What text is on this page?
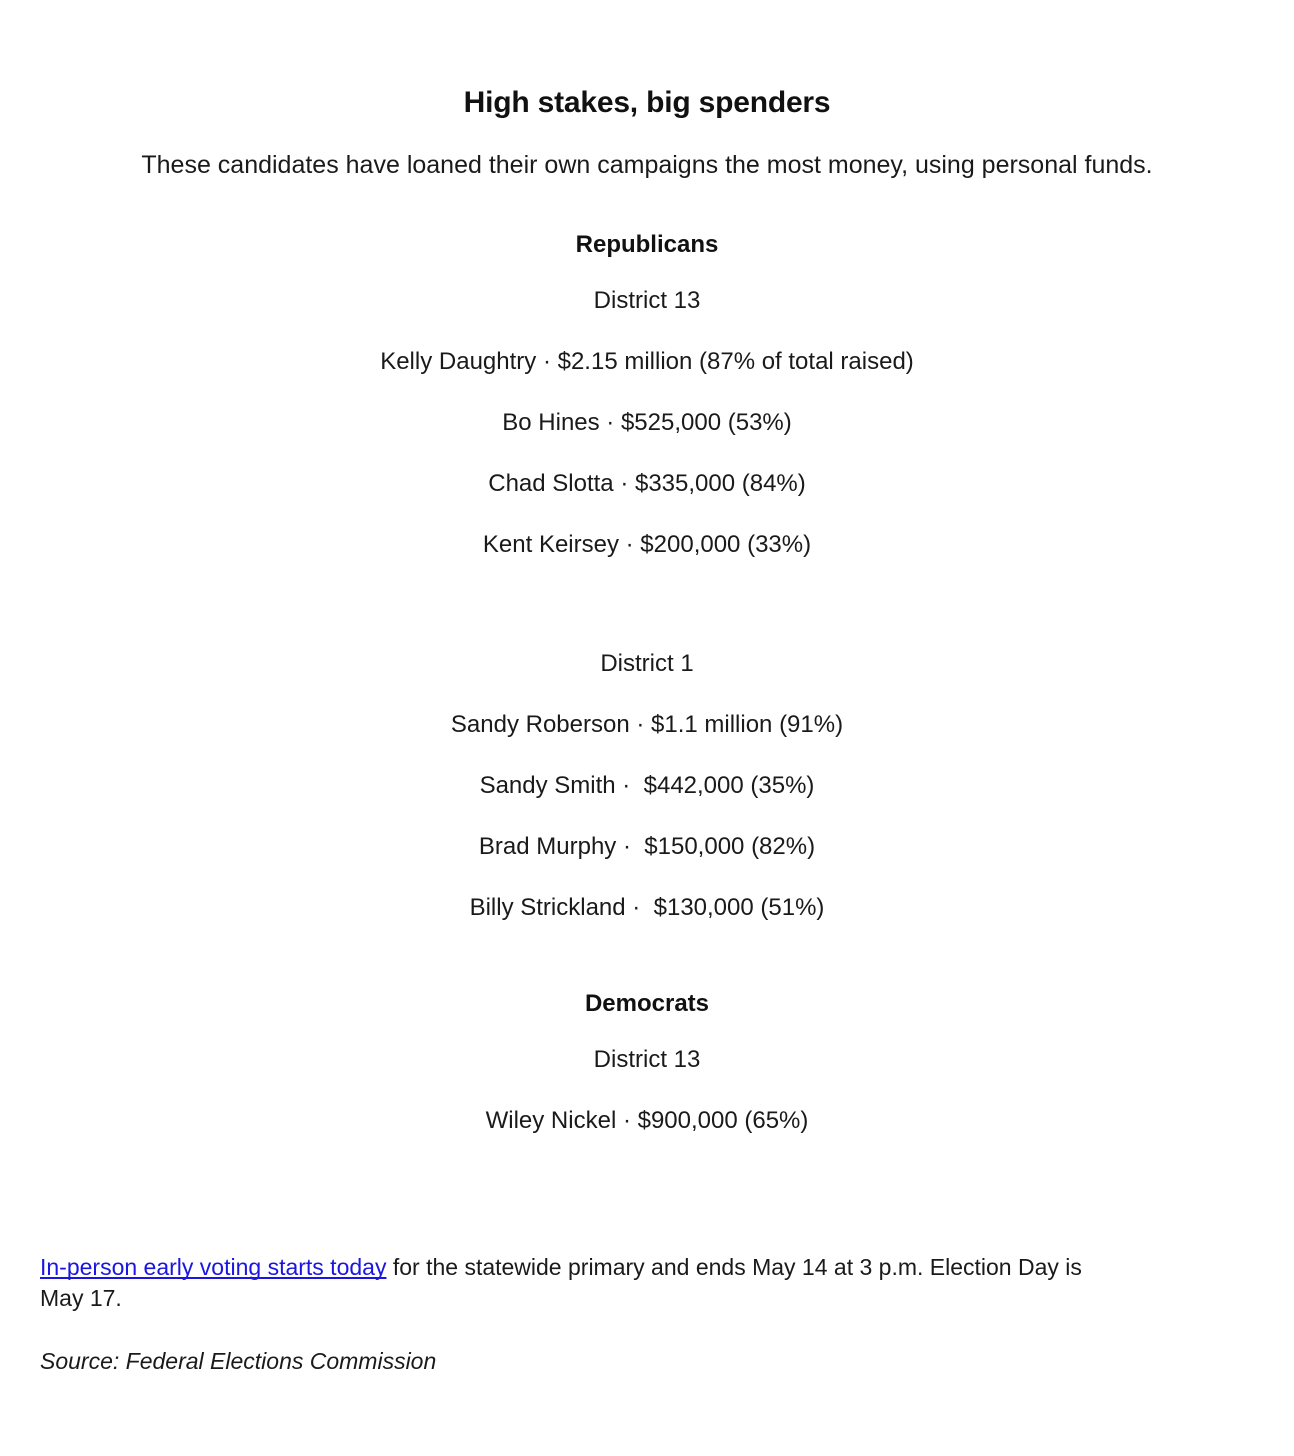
High stakes, big spenders

These candidates have loaned their own campaigns the most money, using personal funds.

Republicans
District 13
Kelly Daughtry · $2.15 million (87% of total raised)
Bo Hines · $525,000 (53%)
Chad Slotta · $335,000 (84%)
Kent Keirsey · $200,000 (33%)
District 1
Sandy Roberson · $1.1 million (91%)
Sandy Smith ·  $442,000 (35%)
Brad Murphy ·  $150,000 (82%)
Billy Strickland ·  $130,000 (51%)
Democrats
District 13
Wiley Nickel · $900,000 (65%)

In-person early voting starts today for the statewide primary and ends May 14 at 3 p.m. Election Day is May 17.

Source: Federal Elections Commission
